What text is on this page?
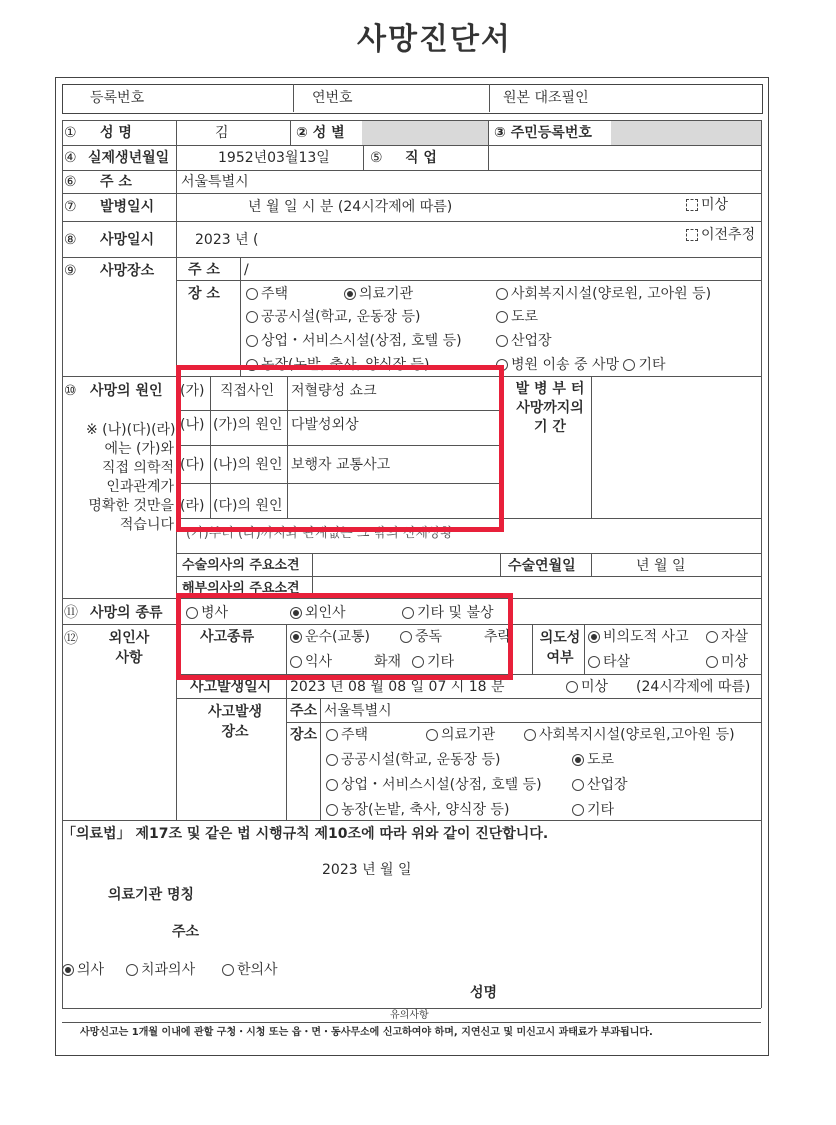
사망진단서
등록번호	연번호	원본 대조필인
① 성 명	김	② 성 별	③ 주민등록번호
④ 실제생년월일	1952년03월13일	⑤ 직 업
⑥ 주 소	서울특별시
⑦ 발병일시	년 월 일 시 분 (24시각제에 따름)	미상
⑧ 사망일시	2023 년 (	이전추정
⑨ 사망장소 주 소 /
장 소	주택	의료기관	사회복지시설(양로원, 고아원 등)
공공시설(학교, 운동장 등)	도로
상업・서비스시설(상점, 호텔 등)	산업장
농장(논밭, 축사, 양식장 등)	병원 이송 중 사망 기타
⑩ 사망의 원인
※ (나)(다)(라)
에는 (가)와
직접 의학적
인과관계가
명확한 것만을
적습니다
(가) 직접사인 저혈량성 쇼크
(나) (가)의 원인 다발성외상
(다) (나)의 원인 보행자 교통사고
(라) (다)의 원인
발 병 부 터
사망까지의
기 간
(가)부터 (라)까지와 관계없는 그 밖의 신체상황
수술의사의 주요소견	수술연월일	년 월 일
해부의사의 주요소견
⑪ 사망의 종류	병사	외인사	기타 및 불상
⑫	외인사
사항
사고종류	운수(교통)	중독	추락
익사	화재	기타
의도성
여부
비의도적 사고	자살
타살	미상
사고발생일시 2023 년 08 월 08 일 07 시 18 분	미상 (24시각제에 따름)
사고발생
장소
주소 서울특별시
장소	주택	의료기관	사회복지시설(양로원,고아원 등)
공공시설(학교, 운동장 등)	도로
상업・서비스시설(상점, 호텔 등)	산업장
농장(논밭, 축사, 양식장 등)	기타
「의료법」 제17조 및 같은 법 시행규칙 제10조에 따라 위와 같이 진단합니다.
2023 년 월 일
의료기관 명칭
주소
의사	치과의사	한의사
성명
유의사항
사망신고는 1개월 이내에 관할 구청・시청 또는 읍・면・동사무소에 신고하여야 하며, 지연신고 및 미신고시 과태료가 부과됩니다.
